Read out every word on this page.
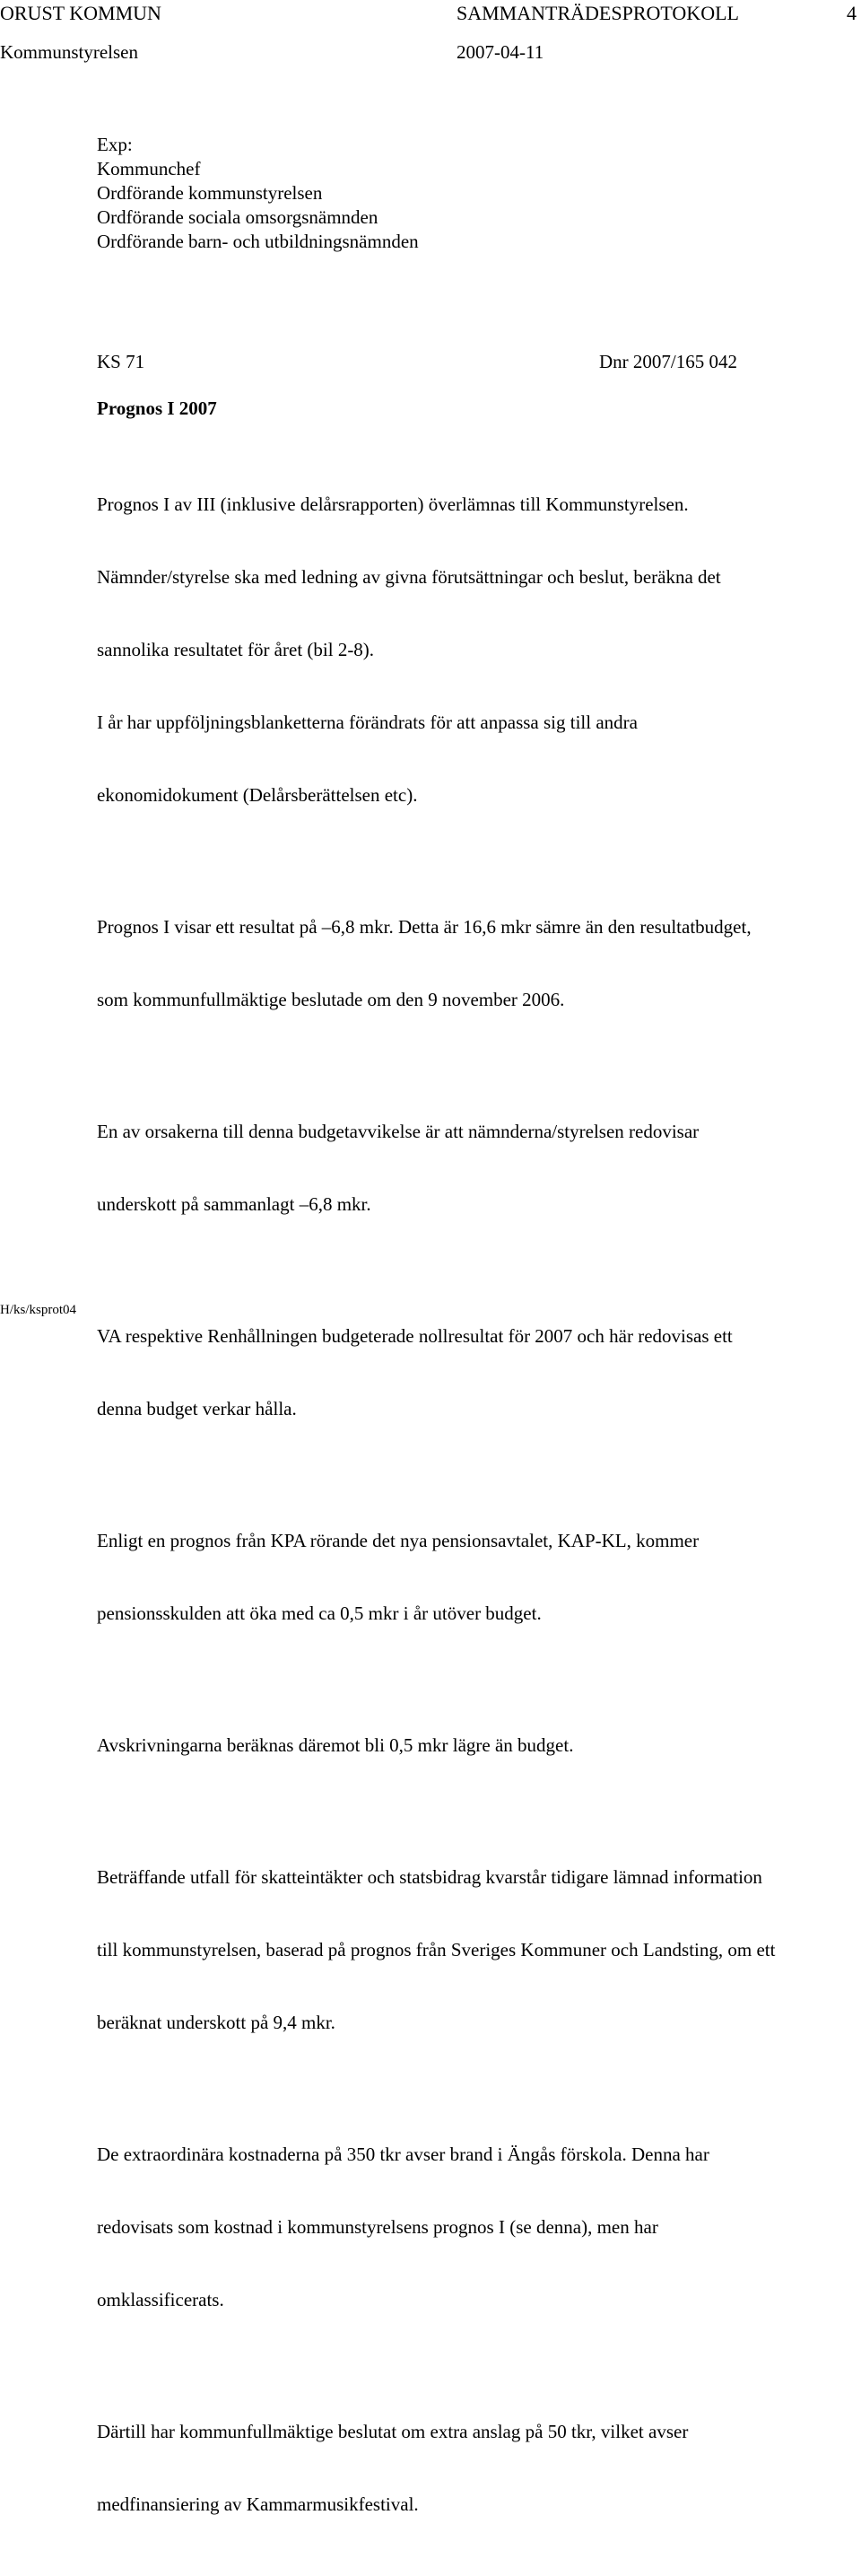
ORUST KOMMUN	SAMMANTRÄDESPROTOKOLL	4
Kommunstyrelsen	2007-04-11
Exp:
Kommunchef
Ordförande kommunstyrelsen
Ordförande sociala omsorgsnämnden
Ordförande barn- och utbildningsnämnden
KS 71	Dnr 2007/165 042
Prognos I 2007

Prognos I av III (inklusive delårsrapporten) överlämnas till Kommunstyrelsen.

Nämnder/styrelse ska med ledning av givna förutsättningar och beslut, beräkna det

sannolika resultatet för året (bil 2-8).

I år har uppföljningsblanketterna förändrats för att anpassa sig till andra

ekonomidokument (Delårsberättelsen etc).

Prognos I visar ett resultat på –6,8 mkr. Detta är 16,6 mkr sämre än den resultatbudget,

som kommunfullmäktige beslutade om den 9 november 2006.

En av orsakerna till denna budgetavvikelse är att nämnderna/styrelsen redovisar

underskott på sammanlagt –6,8 mkr.

VA respektive Renhållningen budgeterade nollresultat för 2007 och här redovisas ett

denna budget verkar hålla.

Enligt en prognos från KPA rörande det nya pensionsavtalet, KAP-KL, kommer

pensionsskulden att öka med ca 0,5 mkr i år utöver budget.

Avskrivningarna beräknas däremot bli 0,5 mkr lägre än budget.

Beträffande utfall för skatteintäkter och statsbidrag kvarstår tidigare lämnad information

till kommunstyrelsen, baserad på prognos från Sveriges Kommuner och Landsting, om ett

beräknat underskott på 9,4 mkr.

De extraordinära kostnaderna på 350 tkr avser brand i Ängås förskola. Denna har

redovisats som kostnad i kommunstyrelsens prognos I (se denna), men har

omklassificerats.

Därtill har kommunfullmäktige beslutat om extra anslag på 50 tkr, vilket avser

medfinansiering av Kammarmusikfestival.

H/ks/ksprot04
